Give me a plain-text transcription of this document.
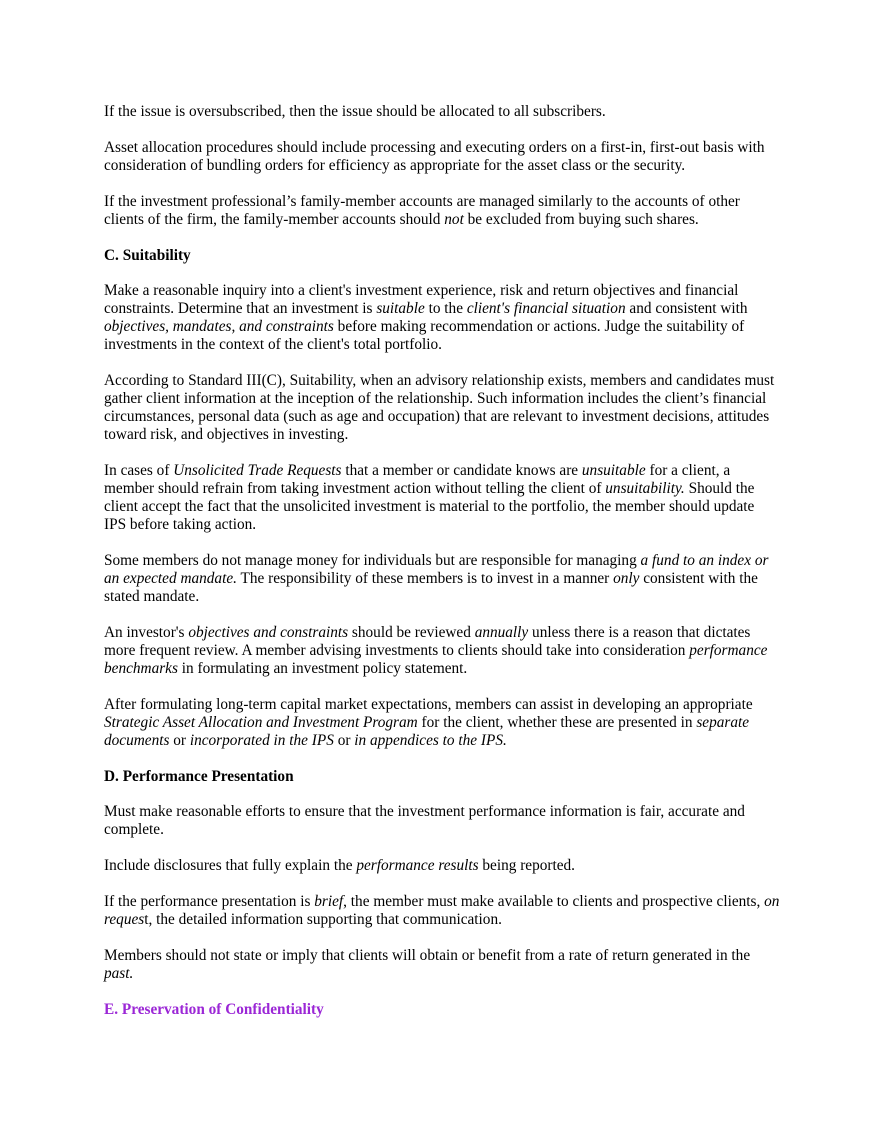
If the issue is oversubscribed, then the issue should be allocated to all subscribers.

Asset allocation procedures should include processing and executing orders on a first-in, first-out basis with consideration of bundling orders for efficiency as appropriate for the asset class or the security.

If the investment professional’s family-member accounts are managed similarly to the accounts of other clients of the firm, the family-member accounts should not be excluded from buying such shares.

C. Suitability

Make a reasonable inquiry into a client's investment experience, risk and return objectives and financial constraints. Determine that an investment is suitable to the client's financial situation and consistent with objectives, mandates, and constraints before making recommendation or actions. Judge the suitability of investments in the context of the client's total portfolio.

According to Standard III(C), Suitability, when an advisory relationship exists, members and candidates must gather client information at the inception of the relationship. Such information includes the client’s financial circumstances, personal data (such as age and occupation) that are relevant to investment decisions, attitudes toward risk, and objectives in investing.

In cases of Unsolicited Trade Requests that a member or candidate knows are unsuitable for a client, a member should refrain from taking investment action without telling the client of unsuitability. Should the client accept the fact that the unsolicited investment is material to the portfolio, the member should update IPS before taking action.

Some members do not manage money for individuals but are responsible for managing a fund to an index or an expected mandate. The responsibility of these members is to invest in a manner only consistent with the stated mandate.

An investor's objectives and constraints should be reviewed annually unless there is a reason that dictates more frequent review. A member advising investments to clients should take into consideration performance benchmarks in formulating an investment policy statement.

After formulating long-term capital market expectations, members can assist in developing an appropriate Strategic Asset Allocation and Investment Program for the client, whether these are presented in separate documents or incorporated in the IPS or in appendices to the IPS.

D. Performance Presentation

Must make reasonable efforts to ensure that the investment performance information is fair, accurate and complete.

Include disclosures that fully explain the performance results being reported.

If the performance presentation is brief, the member must make available to clients and prospective clients, on request, the detailed information supporting that communication.

Members should not state or imply that clients will obtain or benefit from a rate of return generated in the past.

E. Preservation of Confidentiality
